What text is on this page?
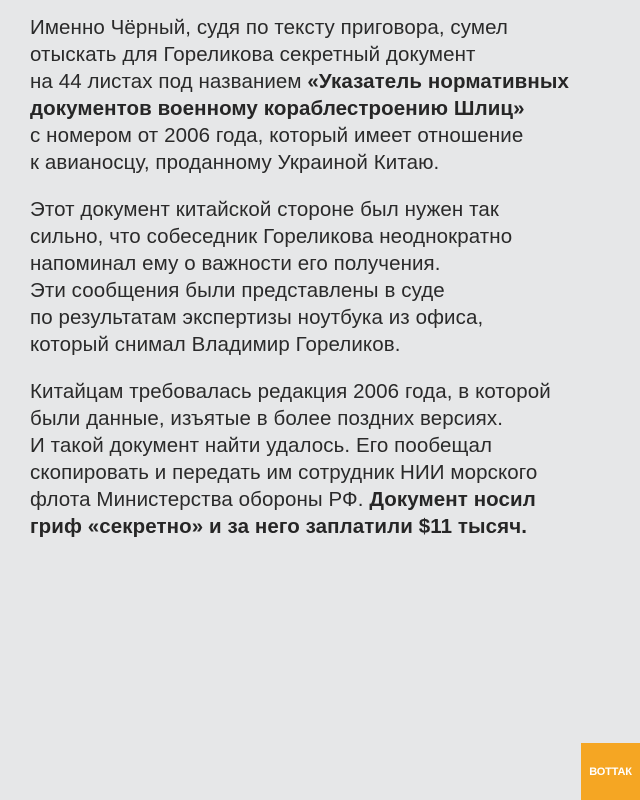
Именно Чёрный, судя по тексту приговора, сумел
отыскать для Гореликова секретный документ
на 44 листах под названием «Указатель нормативных
документов военному кораблестроению Шлиц»
с номером от 2006 года, который имеет отношение
к авианосцу, проданному Украиной Китаю.
Этот документ китайской стороне был нужен так
сильно, что собеседник Гореликова неоднократно
напоминал ему о важности его получения.
Эти сообщения были представлены в суде
по результатам экспертизы ноутбука из офиса,
который снимал Владимир Гореликов.
Китайцам требовалась редакция 2006 года, в которой
были данные, изъятые в более поздних версиях.
И такой документ найти удалось. Его пообещал
скопировать и передать им сотрудник НИИ морского
флота Министерства обороны РФ. Документ носил
гриф «секретно» и за него заплатили $11 тысяч.
ВОТТАК
